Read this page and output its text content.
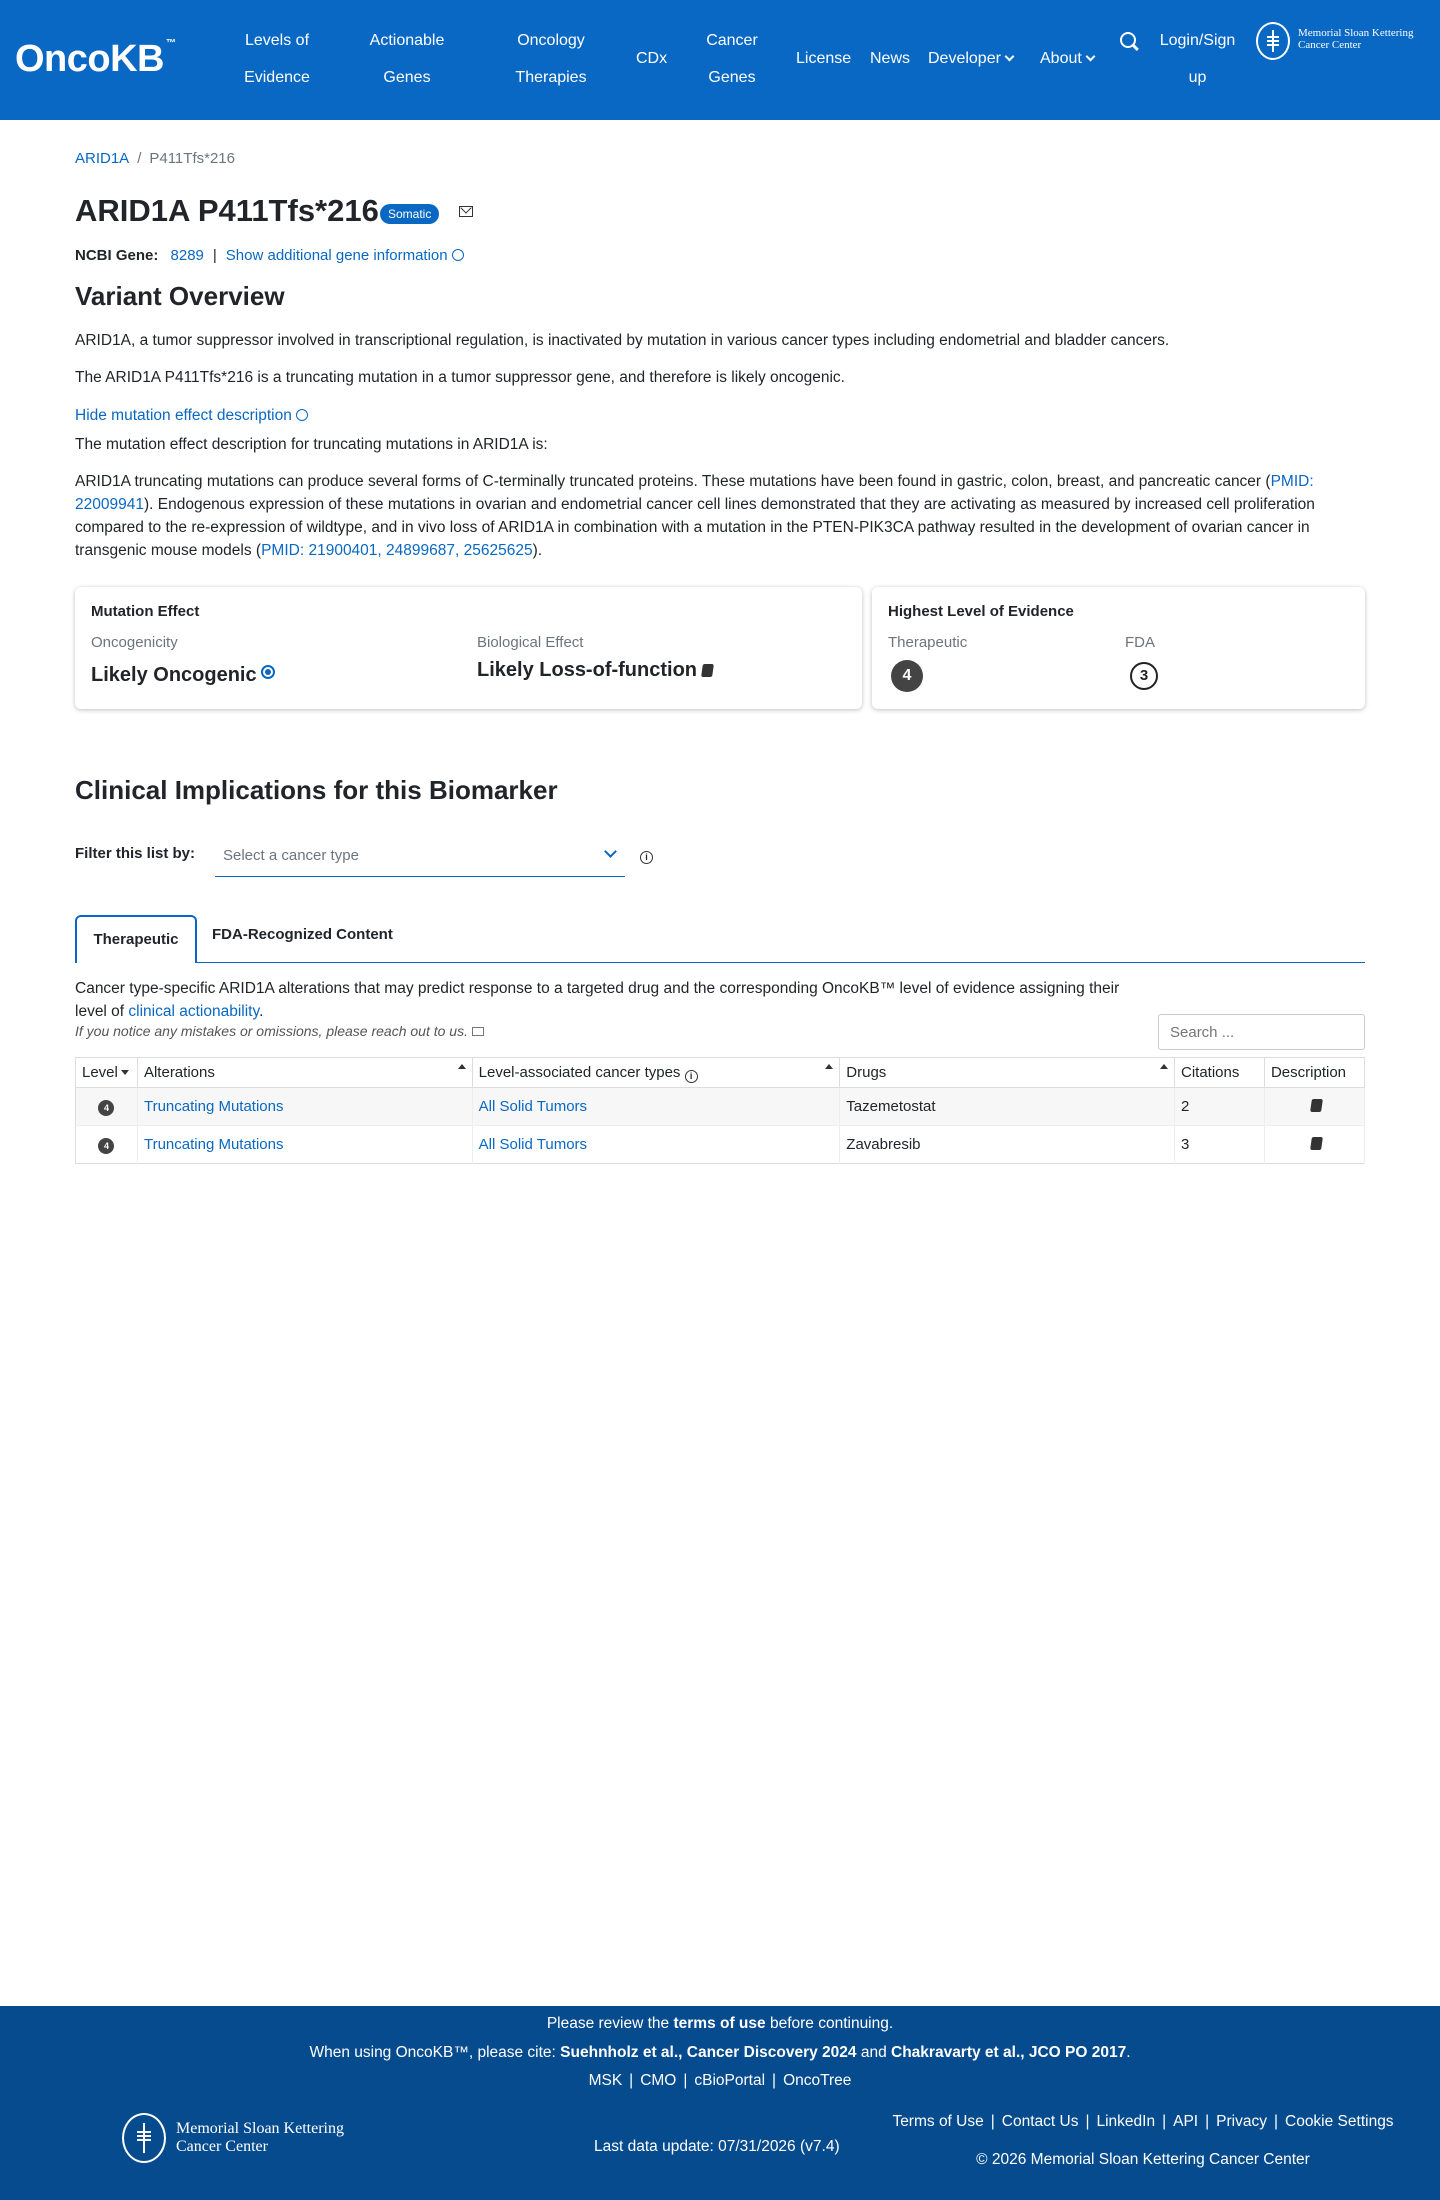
OncoKB ™	Levels of
Evidence
Actionable
Genes
Oncology
Therapies
CDx
Cancer
Genes
License News Developer	About
Login/Sign
up
Memorial Sloan Kettering
Cancer Center
ARID1A / P411Tfs*216
ARID1A P411Tfs*216 Somatic
NCBI Gene: 8289 | Show additional gene information
Variant Overview
ARID1A, a tumor suppressor involved in transcriptional regulation, is inactivated by mutation in various cancer types including endometrial and bladder cancers.
The ARID1A P411Tfs*216 is a truncating mutation in a tumor suppressor gene, and therefore is likely oncogenic.
Hide mutation effect description
The mutation effect description for truncating mutations in ARID1A is:
ARID1A truncating mutations can produce several forms of C-terminally truncated proteins. These mutations have been found in gastric, colon, breast, and pancreatic cancer (PMID: 22009941). Endogenous expression of these mutations in ovarian and endometrial cancer cell lines demonstrated that they are activating as measured by increased cell proliferation compared to the re-expression of wildtype, and in vivo loss of ARID1A in combination with a mutation in the PTEN-PIK3CA pathway resulted in the development of ovarian cancer in transgenic mouse models (PMID: 21900401, 24899687, 25625625).
Mutation Effect
Oncogenicity
Likely Oncogenic
Biological Effect
Likely Loss-of-function
Highest Level of Evidence
Therapeutic
4
FDA
3
Clinical Implications for this Biomarker
Filter this list by: Select a cancer type	i
Therapeutic	FDA-Recognized Content
Cancer type-specific ARID1A alterations that may predict response to a targeted drug and the corresponding OncoKB™ level of evidence assigning their level of clinical actionability.
If you notice any mistakes or omissions, please reach out to us.
Search ...
Level	Alterations	Level-associated cancer types i	Drugs	Citations	Description
4	Truncating Mutations	All Solid Tumors	Tazemetostat	2	
4	Truncating Mutations	All Solid Tumors	Zavabresib	3	
Please review the terms of use before continuing.
When using OncoKB™, please cite: Suehnholz et al., Cancer Discovery 2024 and Chakravarty et al., JCO PO 2017.
MSK | CMO | cBioPortal | OncoTree
Memorial Sloan Kettering
Cancer Center
Terms of Use | Contact Us | LinkedIn | API | Privacy | Cookie Settings
© 2026 Memorial Sloan Kettering Cancer Center
Last data update: 07/31/2026 (v7.4)
